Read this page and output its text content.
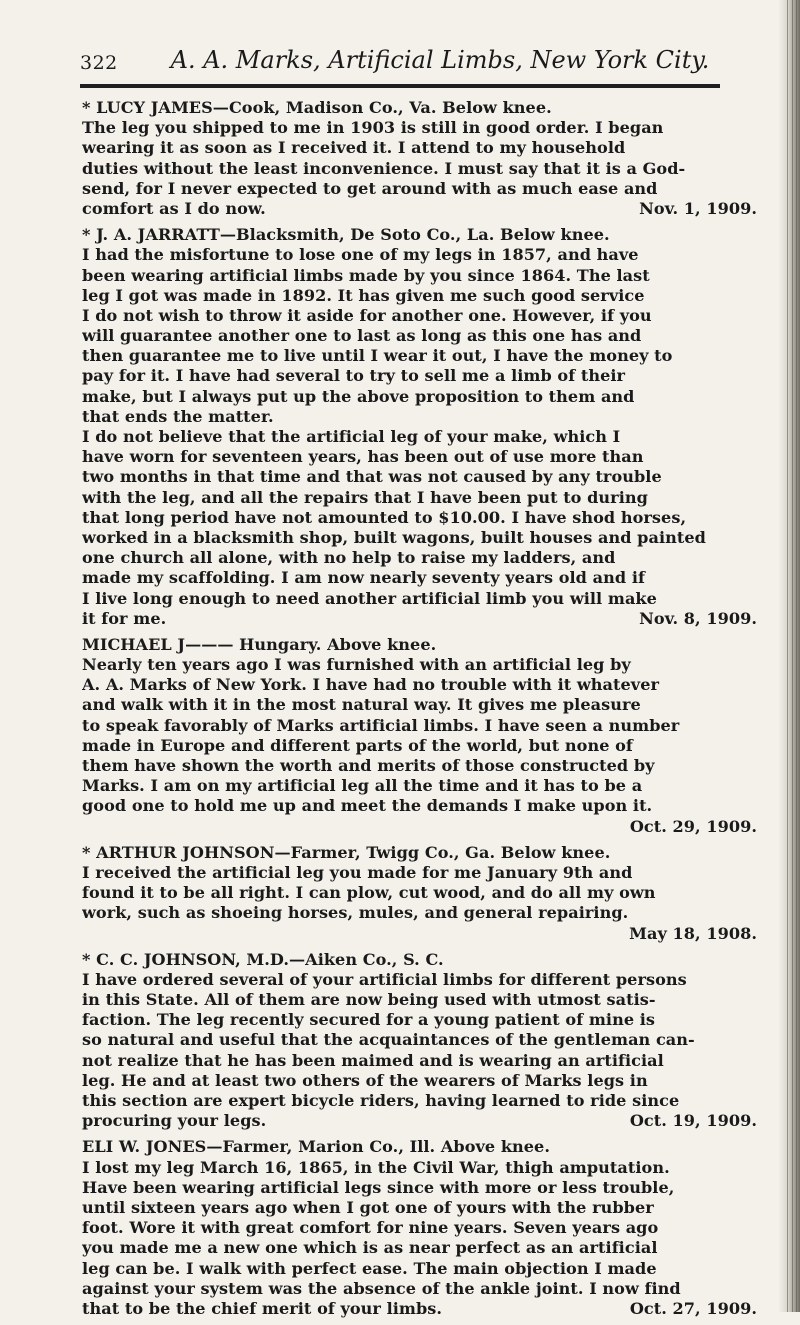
322	A. A. Marks, Artificial Limbs, New York City.
* LUCY JAMES—Cook, Madison Co., Va. Below knee.
The leg you shipped to me in 1903 is still in good order. I began
wearing it as soon as I received it. I attend to my household
duties without the least inconvenience. I must say that it is a God-
send, for I never expected to get around with as much ease and
comfort as I do now.	Nov. 1, 1909.
* J. A. JARRATT—Blacksmith, De Soto Co., La. Below knee.
I had the misfortune to lose one of my legs in 1857, and have
been wearing artificial limbs made by you since 1864. The last
leg I got was made in 1892. It has given me such good service
I do not wish to throw it aside for another one. However, if you
will guarantee another one to last as long as this one has and
then guarantee me to live until I wear it out, I have the money to
pay for it. I have had several to try to sell me a limb of their
make, but I always put up the above proposition to them and
that ends the matter.
I do not believe that the artificial leg of your make, which I
have worn for seventeen years, has been out of use more than
two months in that time and that was not caused by any trouble
with the leg, and all the repairs that I have been put to during
that long period have not amounted to $10.00. I have shod horses,
worked in a blacksmith shop, built wagons, built houses and painted
one church all alone, with no help to raise my ladders, and
made my scaffolding. I am now nearly seventy years old and if
I live long enough to need another artificial limb you will make
it for me.	Nov. 8, 1909.
MICHAEL J——— Hungary. Above knee.
Nearly ten years ago I was furnished with an artificial leg by
A. A. Marks of New York. I have had no trouble with it whatever
and walk with it in the most natural way. It gives me pleasure
to speak favorably of Marks artificial limbs. I have seen a number
made in Europe and different parts of the world, but none of
them have shown the worth and merits of those constructed by
Marks. I am on my artificial leg all the time and it has to be a
good one to hold me up and meet the demands I make upon it.
Oct. 29, 1909.
* ARTHUR JOHNSON—Farmer, Twigg Co., Ga. Below knee.
I received the artificial leg you made for me January 9th and
found it to be all right. I can plow, cut wood, and do all my own
work, such as shoeing horses, mules, and general repairing.
May 18, 1908.
* C. C. JOHNSON, M.D.—Aiken Co., S. C.
I have ordered several of your artificial limbs for different persons
in this State. All of them are now being used with utmost satis-
faction. The leg recently secured for a young patient of mine is
so natural and useful that the acquaintances of the gentleman can-
not realize that he has been maimed and is wearing an artificial
leg. He and at least two others of the wearers of Marks legs in
this section are expert bicycle riders, having learned to ride since
procuring your legs.	Oct. 19, 1909.
ELI W. JONES—Farmer, Marion Co., Ill. Above knee.
I lost my leg March 16, 1865, in the Civil War, thigh amputation.
Have been wearing artificial legs since with more or less trouble,
until sixteen years ago when I got one of yours with the rubber
foot. Wore it with great comfort for nine years. Seven years ago
you made me a new one which is as near perfect as an artificial
leg can be. I walk with perfect ease. The main objection I made
against your system was the absence of the ankle joint. I now find
that to be the chief merit of your limbs.	Oct. 27, 1909.
